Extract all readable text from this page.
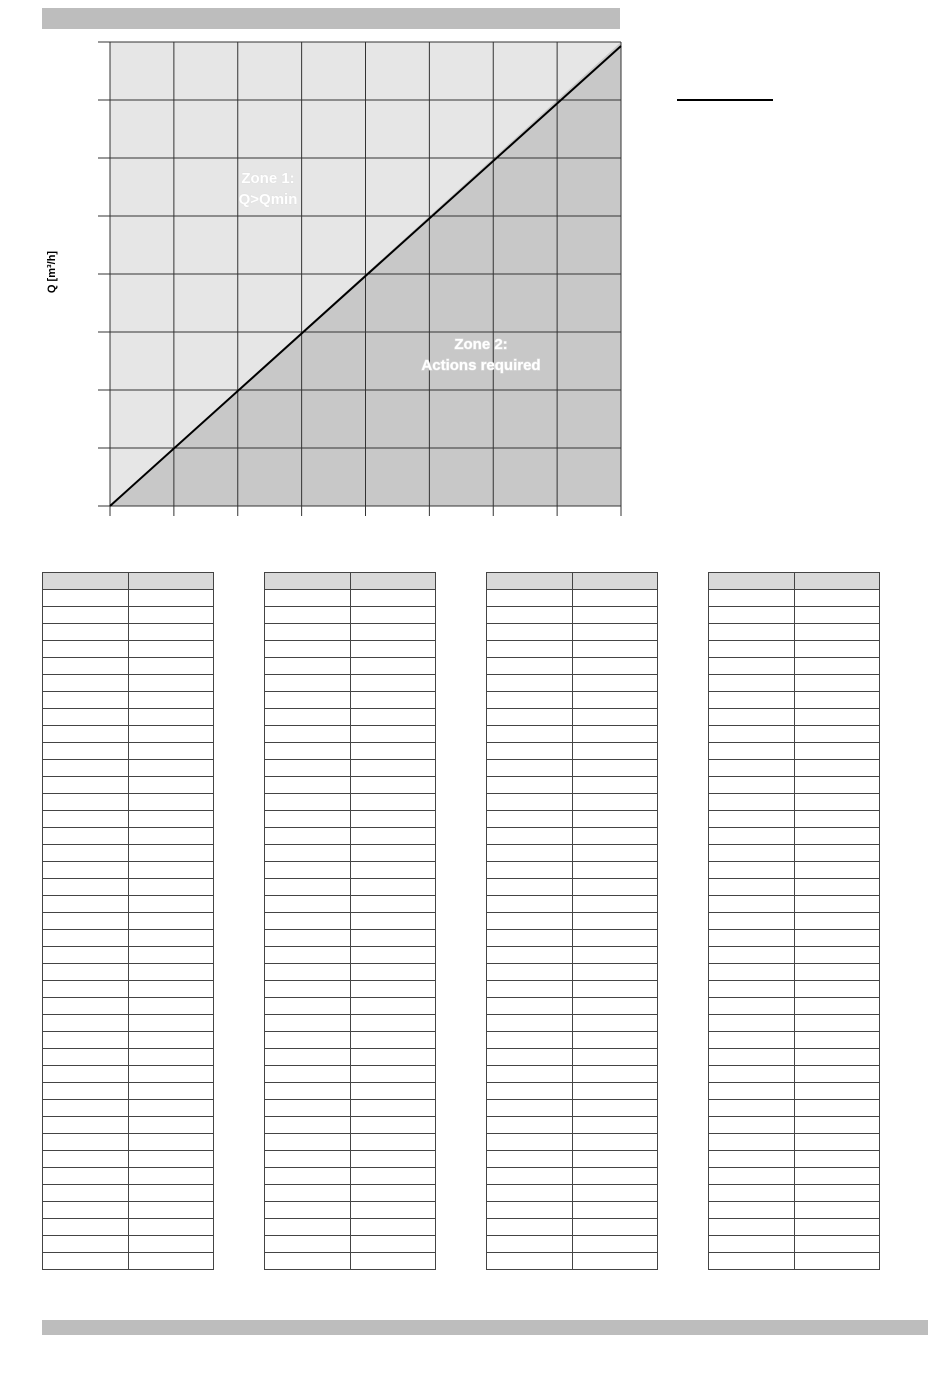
Q [m³/h]
Zone 1: Q>Qmin
Zone 2: Actions required
